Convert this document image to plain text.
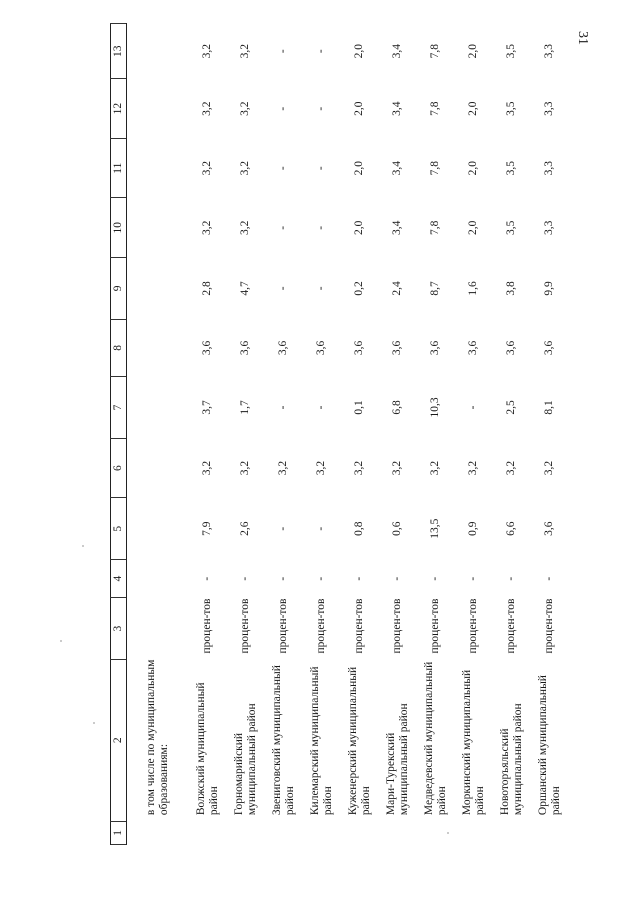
31
1	2	3	4	5	6	7	8	9	10	11	12	13
	в том числе по муниципальным образованиям:											
	Волжский муниципальный район	процен-тов	-	7,9	3,2	3,7	3,6	2,8	3,2	3,2	3,2	3,2
	Горномарийский муниципальный район	процен-тов	-	2,6	3,2	1,7	3,6	4,7	3,2	3,2	3,2	3,2
	Звениговский муниципальный район	процен-тов	-	-	3,2	-	3,6	-	-	-	-	-
	Килемарский муниципальный район	процен-тов	-	-	3,2	-	3,6	-	-	-	-	-
	Куженерский муниципальный район	процен-тов	-	0,8	3,2	0,1	3,6	0,2	2,0	2,0	2,0	2,0
	Мари-Турекский муниципальный район	процен-тов	-	0,6	3,2	6,8	3,6	2,4	3,4	3,4	3,4	3,4
	Медведевский муниципальный район	процен-тов	-	13,5	3,2	10,3	3,6	8,7	7,8	7,8	7,8	7,8
	Моркинский муниципальный район	процен-тов	-	0,9	3,2	-	3,6	1,6	2,0	2,0	2,0	2,0
	Новоторъяльский муниципальный район	процен-тов	-	6,6	3,2	2,5	3,6	3,8	3,5	3,5	3,5	3,5
	Оршанский муниципальный район	процен-тов	-	3,6	3,2	8,1	3,6	9,9	3,3	3,3	3,3	3,3
